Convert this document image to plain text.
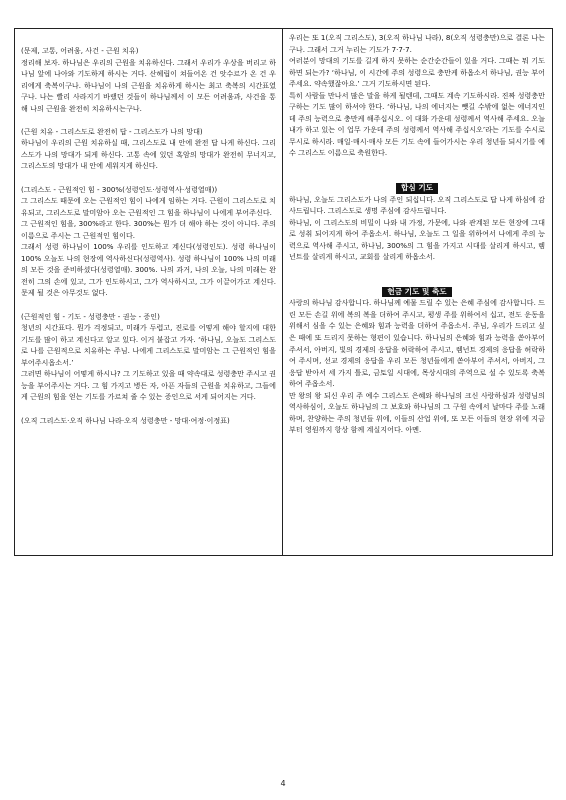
(문제, 고통, 어려움, 사건 - 근원 치유)

정리해 보자. 하나님은 우리의 근원을 치유하신다. 그래서 우리가 우상을 버리고 하나님 앞에 나아와 기도하게 하시는 거다. 산헤립이 쳐들어온 건 앗수르가 온 건 우리에게 축복이구나. 하나님이 나의 근원을 치유하게 하시는 최고 축복의 시간표였구나. 나는 빨리 사라지기 바랬던 것들이 하나님께서 이 모든 어려움과, 사건을 통해 나의 근원을 완전히 치유하시는구나.

(근원 치유 - 그리스도로 완전히 답 - 그리스도가 나의 망대)

하나님이 우리의 근원 치유하실 때, 그리스도로 내 안에 완전 답 나게 하신다. 그리스도가 나의 망대가 되게 하신다. 고통 속에 있던 혹암의 망대가 완전히 무너지고, 그리스도의 망대가 내 안에 세워지게 하신다.

(그리스도 - 근원적인 힘 - 300%(성령인도·성령역사·성령열매))

그 그리스도 때문에 오는 근원적인 힘이 나에게 임하는 거다. 근원이 그리스도로 치유되고, 그리스도로 말미암아 오는 근원적인 그 힘을 하나님이 나에게 부어주신다.

그 근원적인 힘을, 300%라고 한다. 300%는 뭔가 더 해야 하는 것이 아니다. 주의 이름으로 주시는 그 근원적인 힘이다.

그래서 성령 하나님이 100% 우리를 인도하고 계신다(성령인도). 성령 하나님이 100% 오늘도 나의 현장에 역사하신다(성령역사). 성령 하나님이 100% 나의 미래의 모든 것을 준비하셨다(성령열매). 300%. 나의 과거, 나의 오늘, 나의 미래는 완전히 그의 손에 있고, 그가 인도하시고, 그가 역사하시고, 그가 이끌어가고 계신다. 문제 될 것은 아무것도 없다.

(근원적인 힘 - 기도 - 성령충만 - 권능 - 증인)

청년의 시간표다. 뭔가 걱정되고, 미래가 두렵고, 진로를 어떻게 해야 할지에 대한 기도를 많이 하고 계신다고 알고 있다. 이거 붙잡고 가자. ‘하나님, 오늘도 그리스도로 나를 근원적으로 치유하는 주님. 나에게 그리스도로 말미암는 그 근원적인 힘을 부어주시옵소서.’

그러면 하나님이 어떻게 하시나? 그 기도하고 있을 때 약속대로 성령충만 주시고 권능을 부어주시는 거다. 그 힘 가지고 병든 자, 아픈 자들의 근원을 치유하고, 그들에게 근원의 힘을 얻는 기도를 가르쳐 줄 수 있는 증인으로 서게 되어지는 거다.

(오직 그리스도·오직 하나님 나라·오직 성령충만 - 망대·여정·이정표)

우리는 또 1(오직 그리스도), 3(오직 하나님 나라), 8(오직 성령충만)으로 결론 나는구나. 그래서 그거 누리는 기도가 7·7·7.

여러분이 망대의 기도를 길게 하지 못하는 순간순간들이 있을 거다. 그때는 뭐 기도하면 되는가? ‘하나님, 이 시간에 주의 성령으로 충만케 하옵소서 하나님, 권능 부어주세요. 약속했잖아요.’ 그거 기도하시면 된다.

특히 사람들 만나서 많은 말을 하게 될텐데, 그때도 계속 기도하시라. 진짜 성령충만 구하는 기도 많이 하셔야 한다. ‘하나님, 나의 에너지는 뺏길 수밖에 없는 에너지인데 주의 능력으로 충만케 해주십시오. 이 대화 가운데 성령께서 역사해 주세요. 오늘 내가 하고 있는 이 업무 가운데 주의 성령께서 역사해 주십시오’라는 기도를 수시로 무시로 하시라. 매일·매시·매사 모든 기도 속에 들어가시는 우리 청년들 되시기를 예수 그리스도 이름으로 축원한다.

합심 기도

하나님, 오늘도 그리스도가 나의 주인 되십니다. 오직 그리스도로 답 나게 하심에 감사드립니다. 그리스도로 생명 주심에 감사드립니다.

하나님, 이 그리스도의 비밀이 나와 내 가정, 가문에, 나와 관계된 모든 현장에 그대로 성취 되어지게 하여 주옵소서. 하나님, 오늘도 그 일을 위하여서 나에게 주의 능력으로 역사해 주시고, 하나님, 300%의 그 힘을 가지고 시대를 살리게 하시고, 렘넌트를 살리게 하시고, 교회를 살리게 하옵소서.

헌금 기도 및 축도

사랑의 하나님 감사합니다. 하나님께 예물 드릴 수 있는 은혜 주심에 감사합니다. 드린 모든 손길 위에 복의 복을 더하여 주시고, 평생 주를 위하여서 십고, 전도 운동을 위해서 심을 수 있는 은혜와 힘과 능력을 더하여 주옵소서. 주님, 우리가 드리고 싶은 때에 또 드리지 못하는 형편이 있습니다. 하나님의 은혜와 힘과 능력을 쏟아부어 주셔서, 아버지, 빛의 경제의 응답을 허락하여 주시고, 렘넌트 경제의 응답을 허락하여 주시며, 선교 경제의 응답을 우리 모든 청년들에게 쏟아부어 주셔서, 아버지, 그 응답 받아서 세 가지 틀로, 금토일 시대에, 목상시대의 주역으로 설 수 있도록 축복하여 주옵소서.

만 왕의 왕 되신 우리 주 예수 그리스도 은혜와 하나님의 크신 사랑하심과 성령님의 역사하심이, 오늘도 하나님의 그 보호와 하나님의 그 구원 속에서 날마다 주를 노래하며, 찬양하는 주의 청년들 위에, 이들의 산업 위에, 또 모든 이들의 현장 위에 지금부터 영원까지 항상 함께 계실지어다. 아멘.

4
